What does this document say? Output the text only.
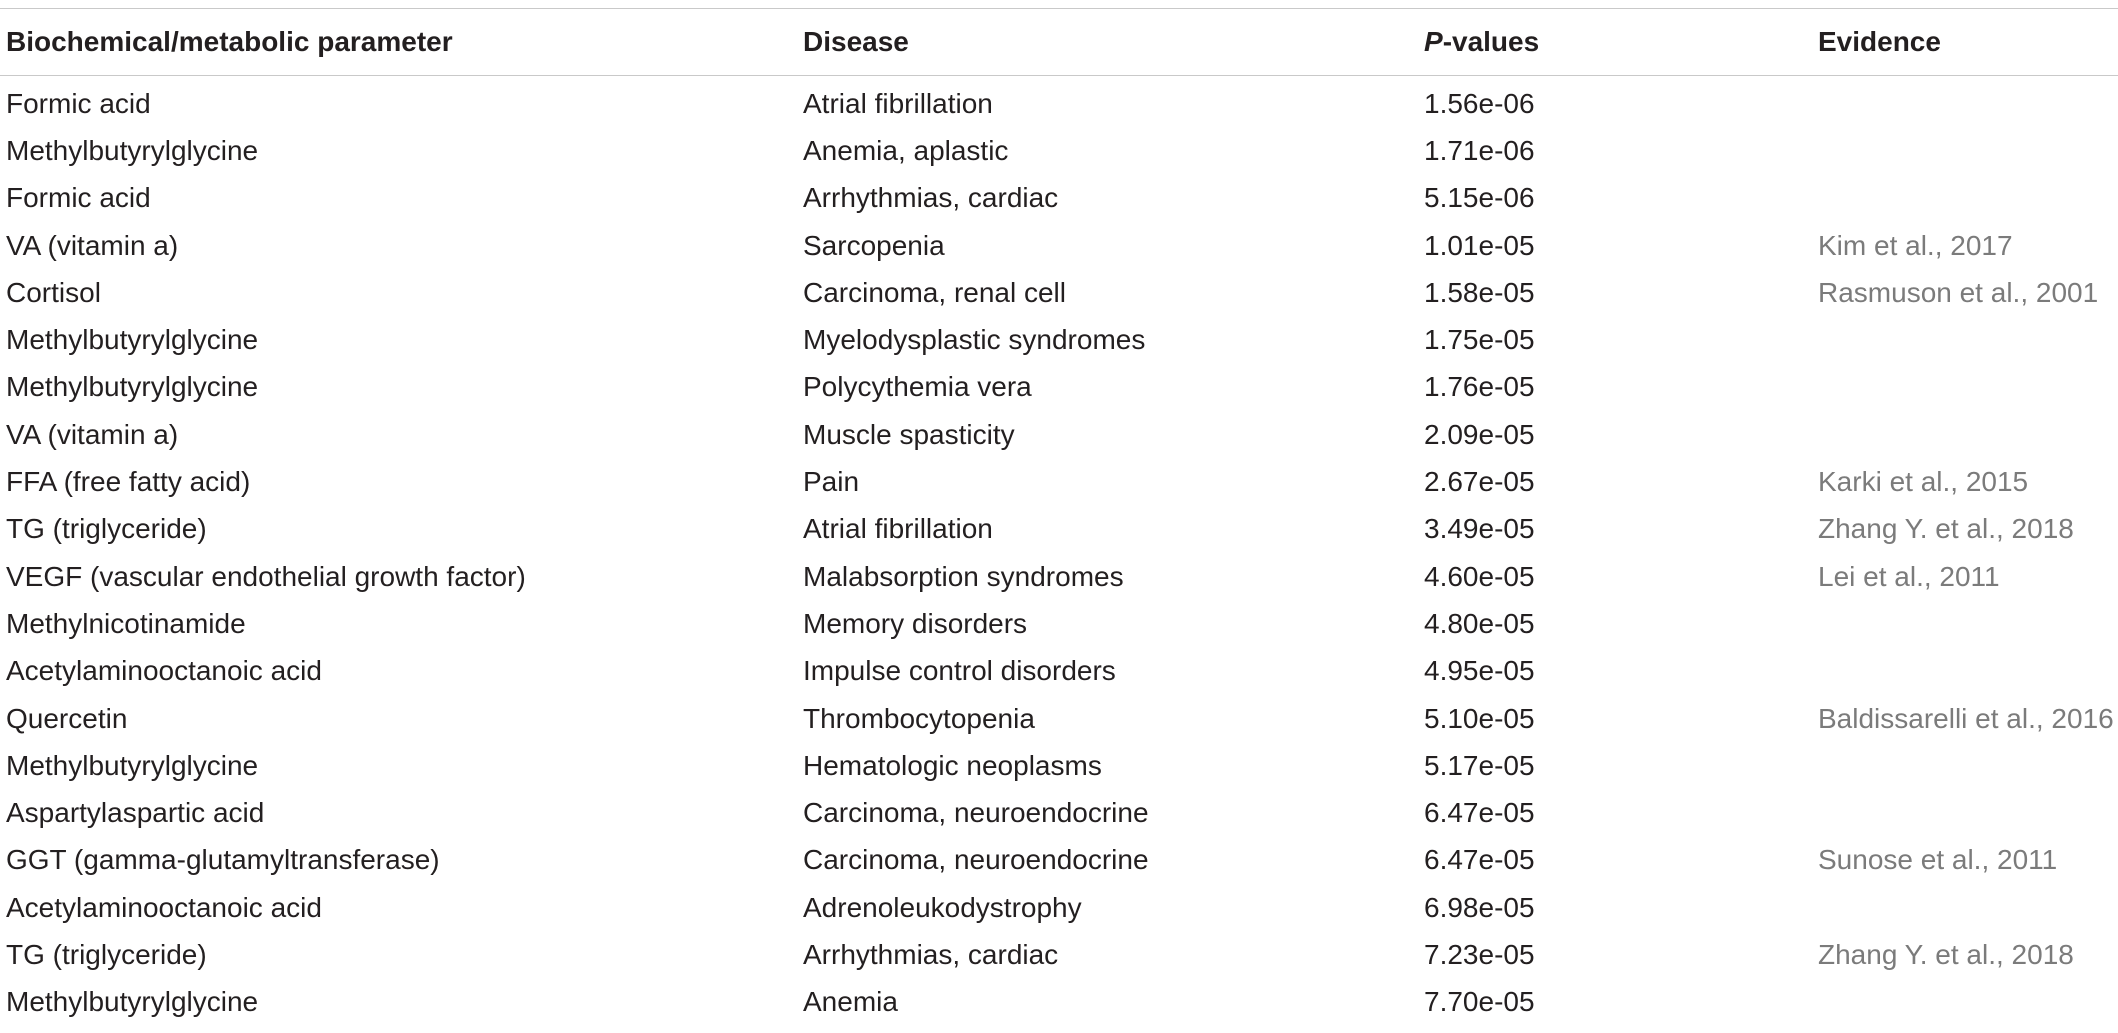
Biochemical/metabolic parameter	Disease	P-values	Evidence
Formic acid	Atrial fibrillation	1.56e-06	
Methylbutyrylglycine	Anemia, aplastic	1.71e-06	
Formic acid	Arrhythmias, cardiac	5.15e-06	
VA (vitamin a)	Sarcopenia	1.01e-05	Kim et al., 2017
Cortisol	Carcinoma, renal cell	1.58e-05	Rasmuson et al., 2001
Methylbutyrylglycine	Myelodysplastic syndromes	1.75e-05	
Methylbutyrylglycine	Polycythemia vera	1.76e-05	
VA (vitamin a)	Muscle spasticity	2.09e-05	
FFA (free fatty acid)	Pain	2.67e-05	Karki et al., 2015
TG (triglyceride)	Atrial fibrillation	3.49e-05	Zhang Y. et al., 2018
VEGF (vascular endothelial growth factor)	Malabsorption syndromes	4.60e-05	Lei et al., 2011
Methylnicotinamide	Memory disorders	4.80e-05	
Acetylaminooctanoic acid	Impulse control disorders	4.95e-05	
Quercetin	Thrombocytopenia	5.10e-05	Baldissarelli et al., 2016
Methylbutyrylglycine	Hematologic neoplasms	5.17e-05	
Aspartylaspartic acid	Carcinoma, neuroendocrine	6.47e-05	
GGT (gamma-glutamyltransferase)	Carcinoma, neuroendocrine	6.47e-05	Sunose et al., 2011
Acetylaminooctanoic acid	Adrenoleukodystrophy	6.98e-05	
TG (triglyceride)	Arrhythmias, cardiac	7.23e-05	Zhang Y. et al., 2018
Methylbutyrylglycine	Anemia	7.70e-05	
